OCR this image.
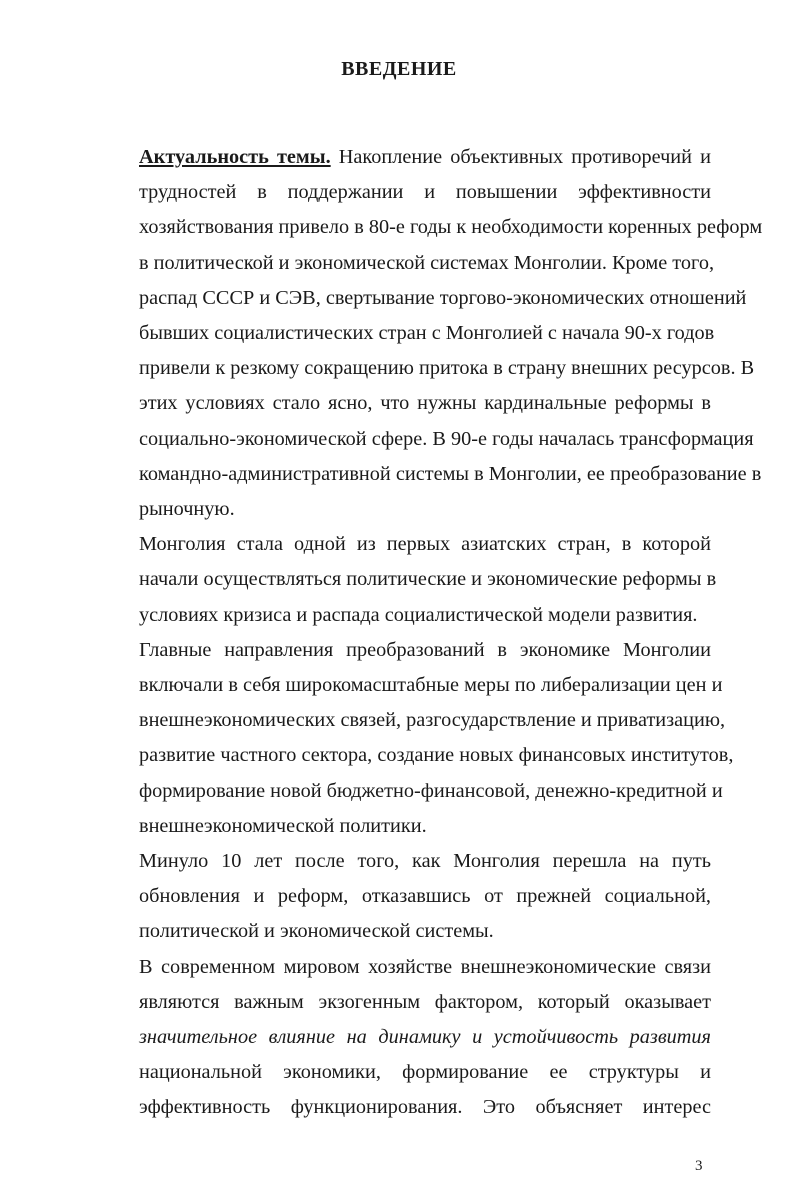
ВВЕДЕНИЕ

Актуальность темы. Накопление объективных противоречий и
трудностей в поддержании и повышении эффективности
хозяйствования привело в 80-е годы к необходимости коренных реформ
в политической и экономической системах Монголии. Кроме того,
распад СССР и СЭВ, свертывание торгово-экономических отношений
бывших социалистических стран с Монголией с начала 90-х годов
привели к резкому сокращению притока в страну внешних ресурсов. В
этих условиях стало ясно, что нужны кардинальные реформы в
социально-экономической сфере. В 90-е годы началась трансформация
командно-административной системы в Монголии, ее преобразование в
рыночную.

Монголия стала одной из первых азиатских стран, в которой
начали осуществляться политические и экономические реформы в
условиях кризиса и распада социалистической модели развития.

Главные направления преобразований в экономике Монголии
включали в себя широкомасштабные меры по либерализации цен и
внешнеэкономических связей, разгосударствление и приватизацию,
развитие частного сектора, создание новых финансовых институтов,
формирование новой бюджетно-финансовой, денежно-кредитной и
внешнеэкономической политики.

Минуло 10 лет после того, как Монголия перешла на путь
обновления и реформ, отказавшись от прежней социальной,
политической и экономической системы.

В современном мировом хозяйстве внешнеэкономические связи
являются важным экзогенным фактором, который оказывает
значительное влияние на динамику и устойчивость развития
национальной экономики, формирование ее структуры и
эффективность функционирования. Это объясняет интерес

3
